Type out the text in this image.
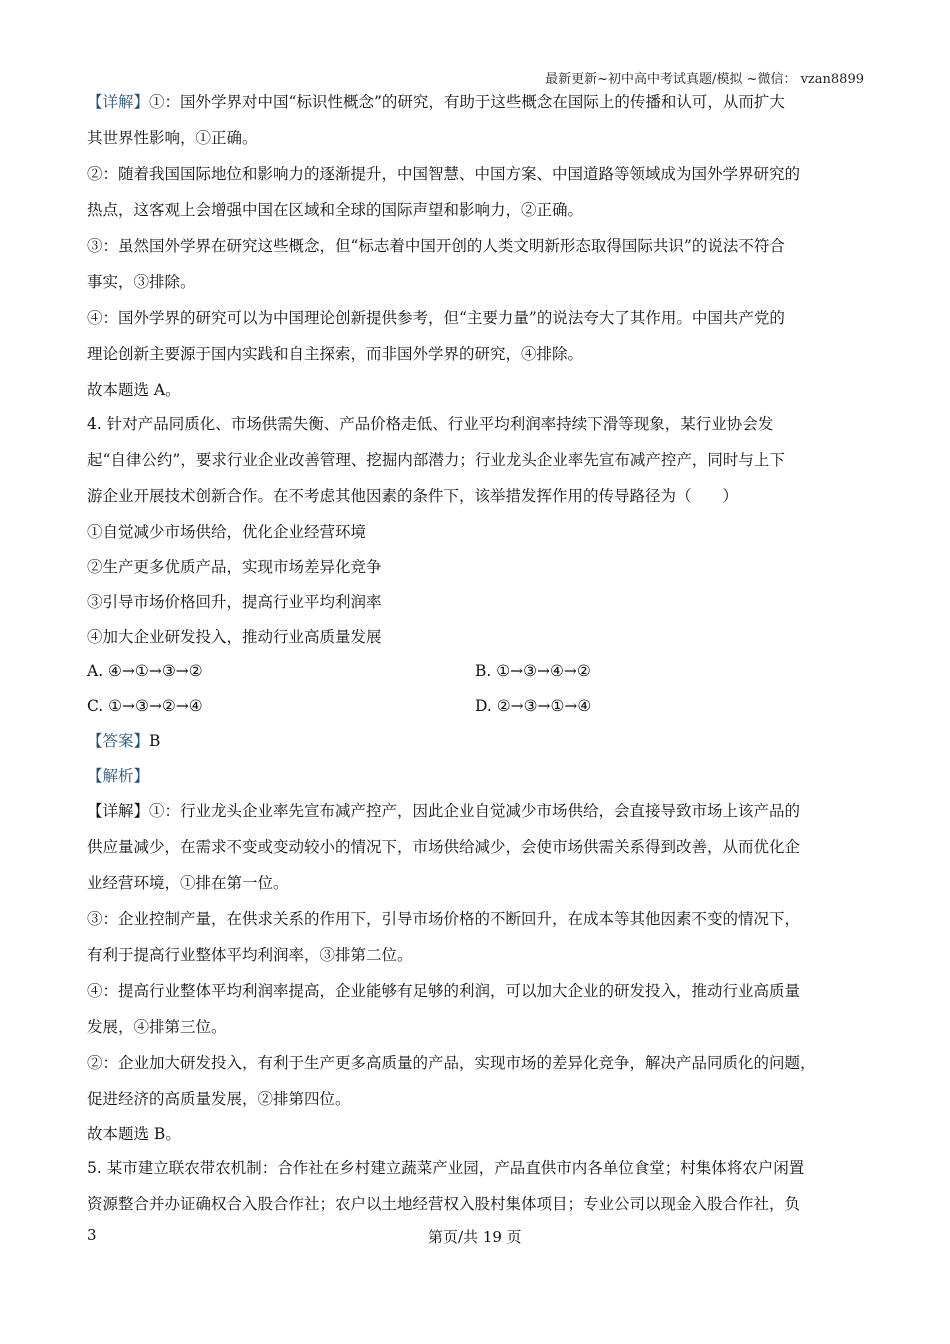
最新更新~初中高中考试真题/模拟 ~微信： vzan8899
【详解】①：国外学界对中国“标识性概念”的研究，有助于这些概念在国际上的传播和认可，从而扩大
其世界性影响，①正确。
②：随着我国国际地位和影响力的逐渐提升，中国智慧、中国方案、中国道路等领域成为国外学界研究的
热点，这客观上会增强中国在区域和全球的国际声望和影响力，②正确。
③：虽然国外学界在研究这些概念，但“标志着中国开创的人类文明新形态取得国际共识”的说法不符合
事实，③排除。
④：国外学界的研究可以为中国理论创新提供参考，但“主要力量”的说法夸大了其作用。中国共产党的
理论创新主要源于国内实践和自主探索，而非国外学界的研究，④排除。
故本题选 A。
4. 针对产品同质化、市场供需失衡、产品价格走低、行业平均利润率持续下滑等现象，某行业协会发
起“自律公约”，要求行业企业改善管理、挖掘内部潜力；行业龙头企业率先宣布减产控产，同时与上下
游企业开展技术创新合作。在不考虑其他因素的条件下，该举措发挥作用的传导路径为（　　）
①自觉减少市场供给，优化企业经营环境
②生产更多优质产品，实现市场差异化竞争
③引导市场价格回升，提高行业平均利润率
④加大企业研发投入，推动行业高质量发展
A. ④→①→③→②	B. ①→③→④→②
C. ①→③→②→④	D. ②→③→①→④
【答案】B
【解析】
【详解】①：行业龙头企业率先宣布减产控产，因此企业自觉减少市场供给，会直接导致市场上该产品的
供应量减少，在需求不变或变动较小的情况下，市场供给减少，会使市场供需关系得到改善，从而优化企
业经营环境，①排在第一位。
③：企业控制产量，在供求关系的作用下，引导市场价格的不断回升，在成本等其他因素不变的情况下，
有利于提高行业整体平均利润率，③排第二位。
④：提高行业整体平均利润率提高，企业能够有足够的利润，可以加大企业的研发投入，推动行业高质量
发展，④排第三位。
②：企业加大研发投入，有利于生产更多高质量的产品，实现市场的差异化竞争，解决产品同质化的问题，
促进经济的高质量发展，②排第四位。
故本题选 B。
5. 某市建立联农带农机制：合作社在乡村建立蔬菜产业园，产品直供市内各单位食堂；村集体将农户闲置
资源整合并办证确权合入股合作社；农户以土地经营权入股村集体项目；专业公司以现金入股合作社，负
3	第页/共 19 页
